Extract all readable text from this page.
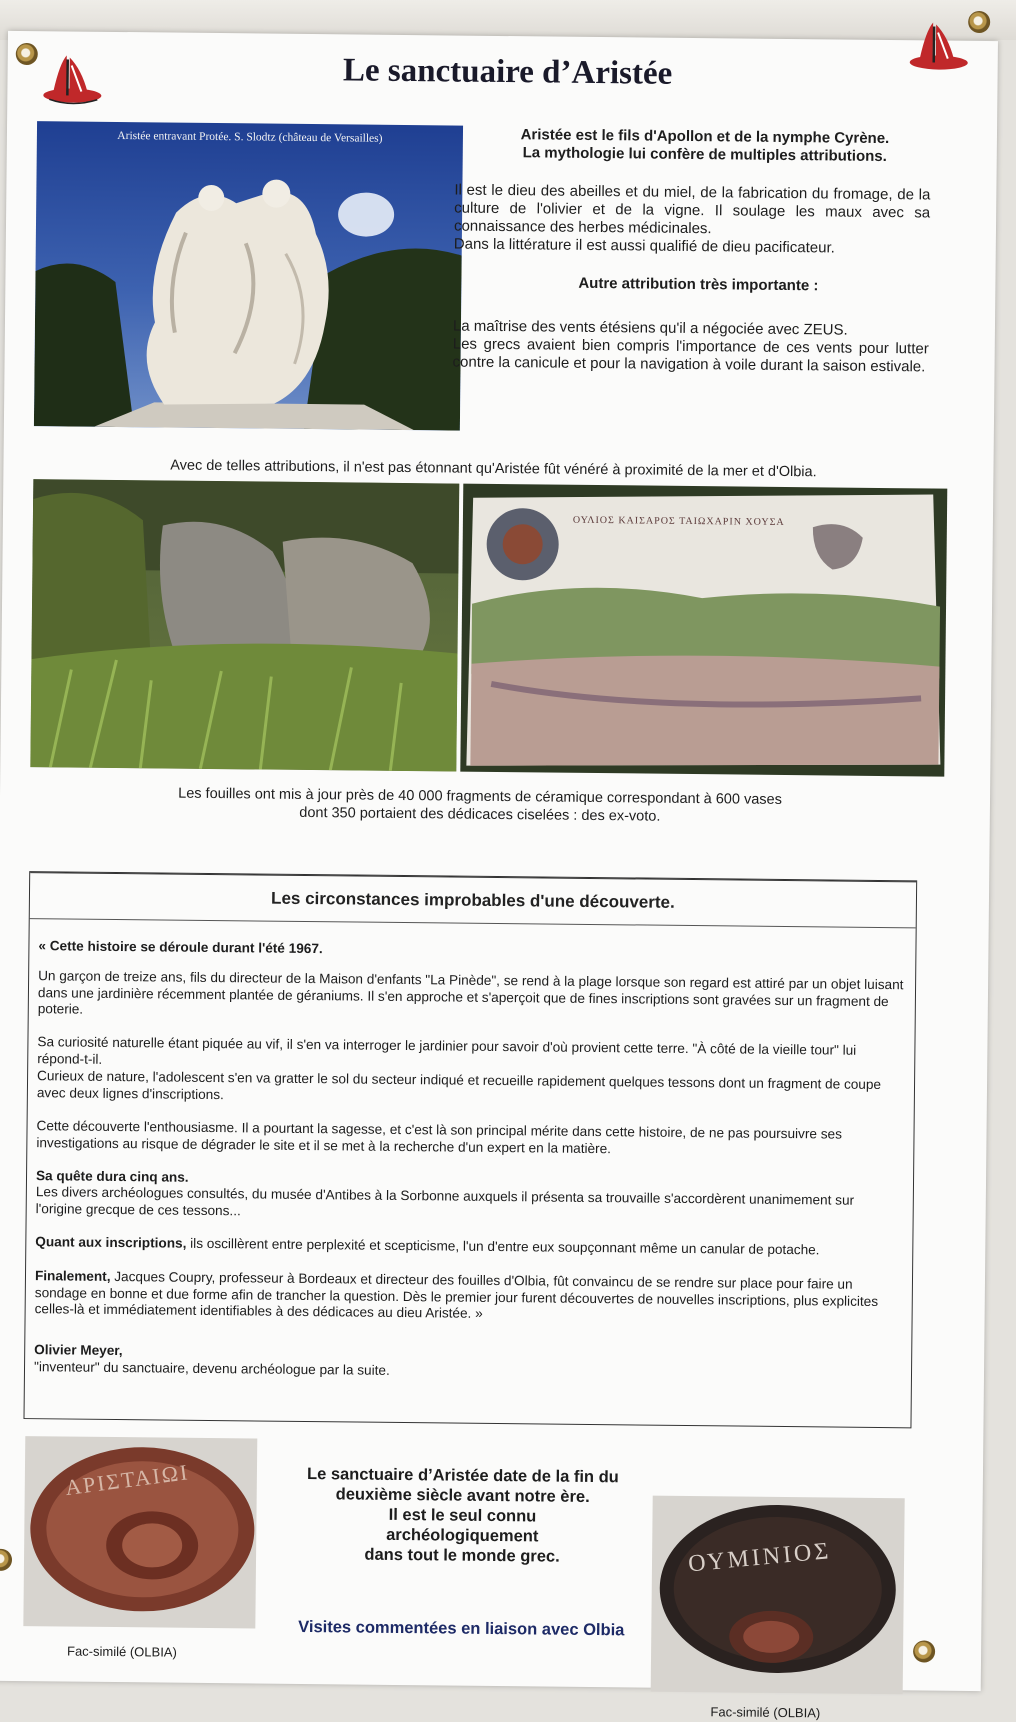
Le sanctuaire d’Aristée
Aristée entravant Protée. S. Slodtz (château de Versailles)	Aristée est le fils d'Apollon et de la nymphe Cyrène.
La mythologie lui confère de multiples attributions.
Il est le dieu des abeilles et du miel, de la fabrication du fromage, de la culture de l'olivier et de la vigne. Il soulage les maux avec sa connaissance des herbes médicinales.
Dans la littérature il est aussi qualifié de dieu pacificateur.
Autre attribution très importante :
La maîtrise des vents étésiens qu'il a négociée avec ZEUS.
Les grecs avaient bien compris l'importance de ces vents pour lutter contre la canicule et pour la navigation à voile durant la saison estivale.
Avec de telles attributions, il n'est pas étonnant qu'Aristée fût vénéré à proximité de la mer et d'Olbia.
ΟΥΛΙΟΣ ΚΑΙΣΑΡΟΣ ΤΑΙΩΧΑΡΙΝ ΧΟΥΣΑ
Les fouilles ont mis à jour près de 40 000 fragments de céramique correspondant à 600 vases
dont 350 portaient des dédicaces ciselées : des ex-voto.
Les circonstances improbables d'une découverte.
« Cette histoire se déroule durant l'été 1967.
Un garçon de treize ans, fils du directeur de la Maison d'enfants "La Pinède", se rend à la plage lorsque son regard est attiré par un objet luisant dans une jardinière récemment plantée de géraniums. Il s'en approche et s'aperçoit que de fines inscriptions sont gravées sur un fragment de poterie.
Sa curiosité naturelle étant piquée au vif, il s'en va interroger le jardinier pour savoir d'où provient cette terre. "À côté de la vieille tour" lui répond-t-il.
Curieux de nature, l'adolescent s'en va gratter le sol du secteur indiqué et recueille rapidement quelques tessons dont un fragment de coupe avec deux lignes d'inscriptions.
Cette découverte l'enthousiasme. Il a pourtant la sagesse, et c'est là son principal mérite dans cette histoire, de ne pas poursuivre ses investigations au risque de dégrader le site et il se met à la recherche d'un expert en la matière.
Sa quête dura cinq ans.
Les divers archéologues consultés, du musée d'Antibes à la Sorbonne auxquels il présenta sa trouvaille s'accordèrent unanimement sur l'origine grecque de ces tessons...
Quant aux inscriptions, ils oscillèrent entre perplexité et scepticisme, l'un d'entre eux soupçonnant même un canular de potache.
Finalement, Jacques Coupry, professeur à Bordeaux et directeur des fouilles d'Olbia, fût convaincu de se rendre sur place pour faire un sondage en bonne et due forme afin de trancher la question. Dès le premier jour furent découvertes de nouvelles inscriptions, plus explicites celles-là et immédiatement identifiables à des dédicaces au dieu Aristée. »
Olivier Meyer,
"inventeur" du sanctuaire, devenu archéologue par la suite.
ΑΡΙΣΤΑΙΩΙ
Fac-similé (OLBIA)
Le sanctuaire d’Aristée date de la fin du
deuxième siècle avant notre ère.
Il est le seul connu
archéologiquement
dans tout le monde grec.
Visites commentées en liaison avec Olbia
ΟΥΜΙΝΙΟΣ
Fac-similé (OLBIA)
